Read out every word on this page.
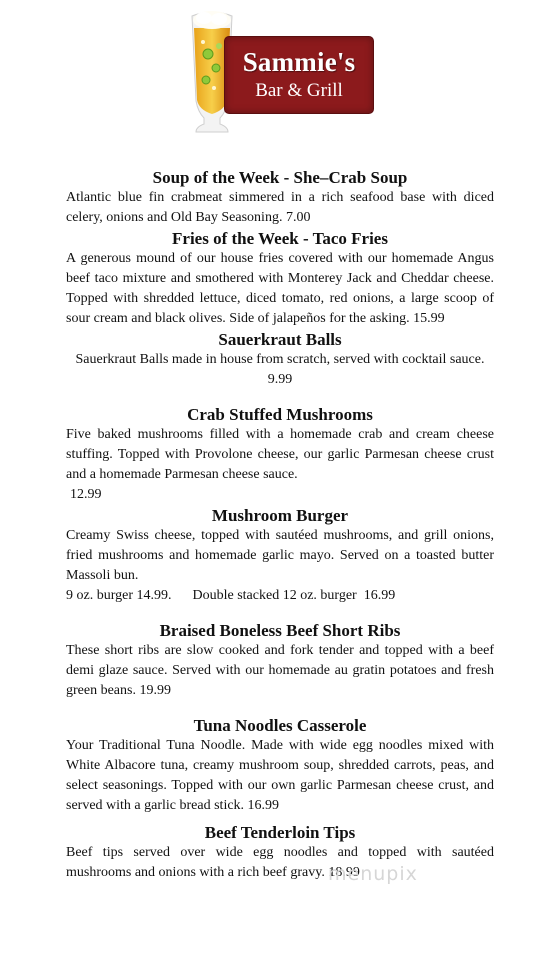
Sammie's
Bar & Grill
Soup of the Week - She–Crab Soup

Atlantic blue fin crabmeat simmered in a rich seafood base with diced celery, onions and Old Bay Seasoning. 7.00

Fries of the Week - Taco Fries

A generous mound of our house fries covered with our homemade Angus beef taco mixture and smothered with Monterey Jack and Cheddar cheese. Topped with shredded lettuce, diced tomato, red onions, a large scoop of sour cream and black olives. Side of jalapeños for the asking. 15.99

Sauerkraut Balls

Sauerkraut Balls made in house from scratch, served with cocktail sauce. 9.99

Crab Stuffed Mushrooms

Five baked mushrooms filled with a homemade crab and cream cheese stuffing. Topped with Provolone cheese, our garlic Parmesan cheese crust and a homemade Parmesan cheese sauce.

12.99

Mushroom Burger

Creamy Swiss cheese, topped with sautéed mushrooms, and grill onions, fried mushrooms and homemade garlic mayo. Served on a toasted butter Massoli bun.

9 oz. burger 14.99. Double stacked 12 oz. burger  16.99
Braised Boneless Beef Short Ribs

These short ribs are slow cooked and fork tender and topped with a beef demi glaze sauce. Served with our homemade au gratin potatoes and fresh green beans. 19.99

Tuna Noodles Casserole

Your Traditional Tuna Noodle. Made with wide egg noodles mixed with White Albacore tuna, creamy mushroom soup, shredded carrots, peas, and select seasonings. Topped with our own garlic Parmesan cheese crust, and served with a garlic bread stick. 16.99

Beef Tenderloin Tips

Beef tips served over wide egg noodles and topped with sautéed mushrooms and onions with a rich beef gravy. 18.99

menupix
